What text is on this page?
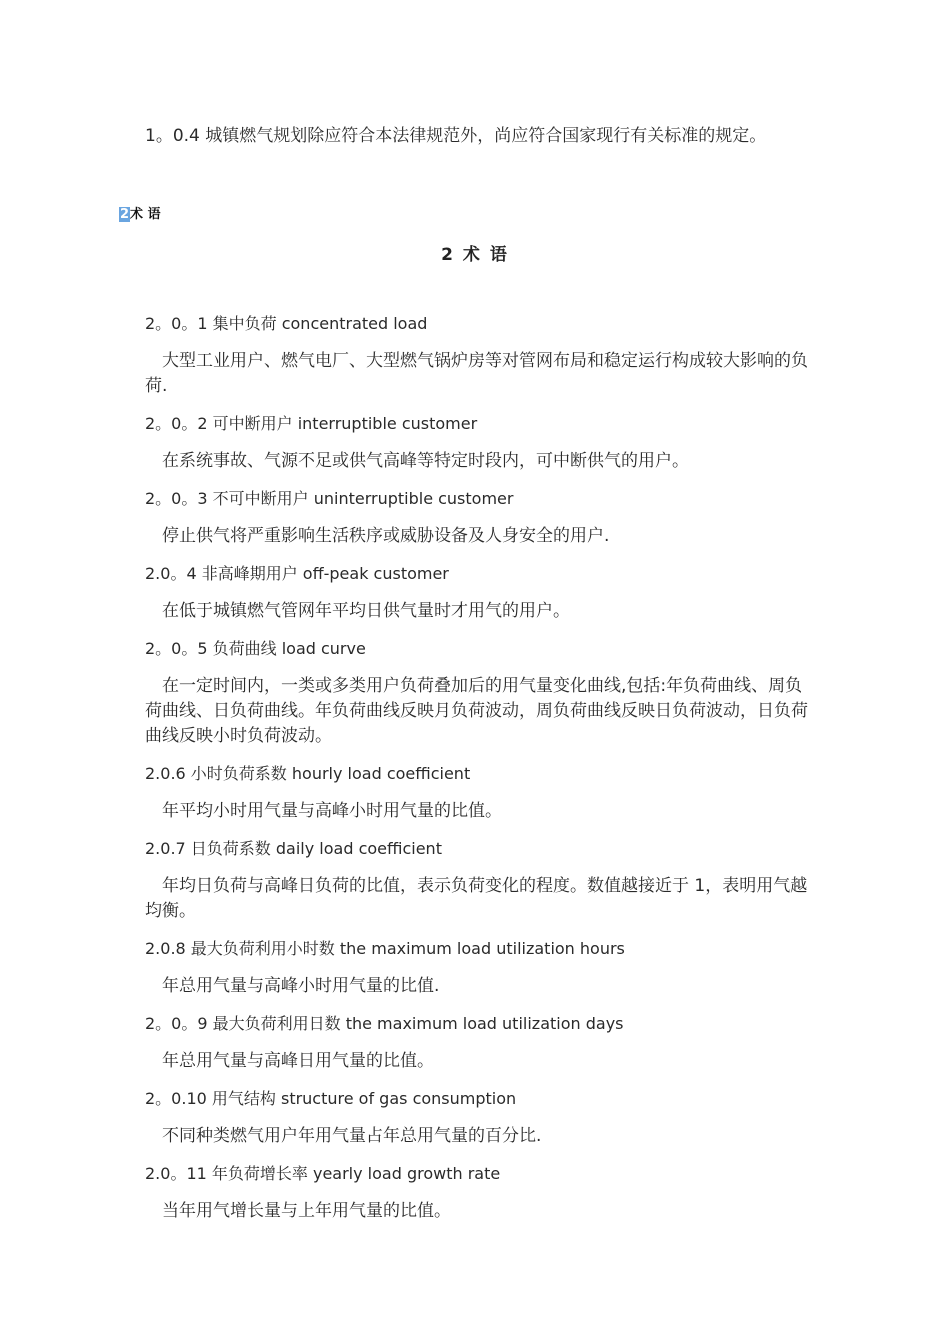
1。0.4 城镇燃气规划除应符合本法律规范外，尚应符合国家现行有关标准的规定。

2术 语
2 术 语

2。0。1 集中负荷 concentrated load

大型工业用户、燃气电厂、大型燃气锅炉房等对管网布局和稳定运行构成较大影响的负荷.

2。0。2 可中断用户 interruptible customer

在系统事故、气源不足或供气高峰等特定时段内，可中断供气的用户。

2。0。3 不可中断用户 uninterruptible customer

停止供气将严重影响生活秩序或威胁设备及人身安全的用户.

2.0。4 非高峰期用户 off-peak customer

在低于城镇燃气管网年平均日供气量时才用气的用户。

2。0。5 负荷曲线 load curve

在一定时间内，一类或多类用户负荷叠加后的用气量变化曲线,包括:年负荷曲线、周负荷曲线、日负荷曲线。年负荷曲线反映月负荷波动，周负荷曲线反映日负荷波动，日负荷曲线反映小时负荷波动。

2.0.6 小时负荷系数 hourly load coefficient

年平均小时用气量与高峰小时用气量的比值。

2.0.7 日负荷系数 daily load coefficient

年均日负荷与高峰日负荷的比值，表示负荷变化的程度。数值越接近于 1，表明用气越均衡。

2.0.8 最大负荷利用小时数 the maximum load utilization hours

年总用气量与高峰小时用气量的比值.

2。0。9 最大负荷利用日数 the maximum load utilization days

年总用气量与高峰日用气量的比值。

2。0.10 用气结构 structure of gas consumption

不同种类燃气用户年用气量占年总用气量的百分比.

2.0。11 年负荷增长率 yearly load growth rate

当年用气增长量与上年用气量的比值。
